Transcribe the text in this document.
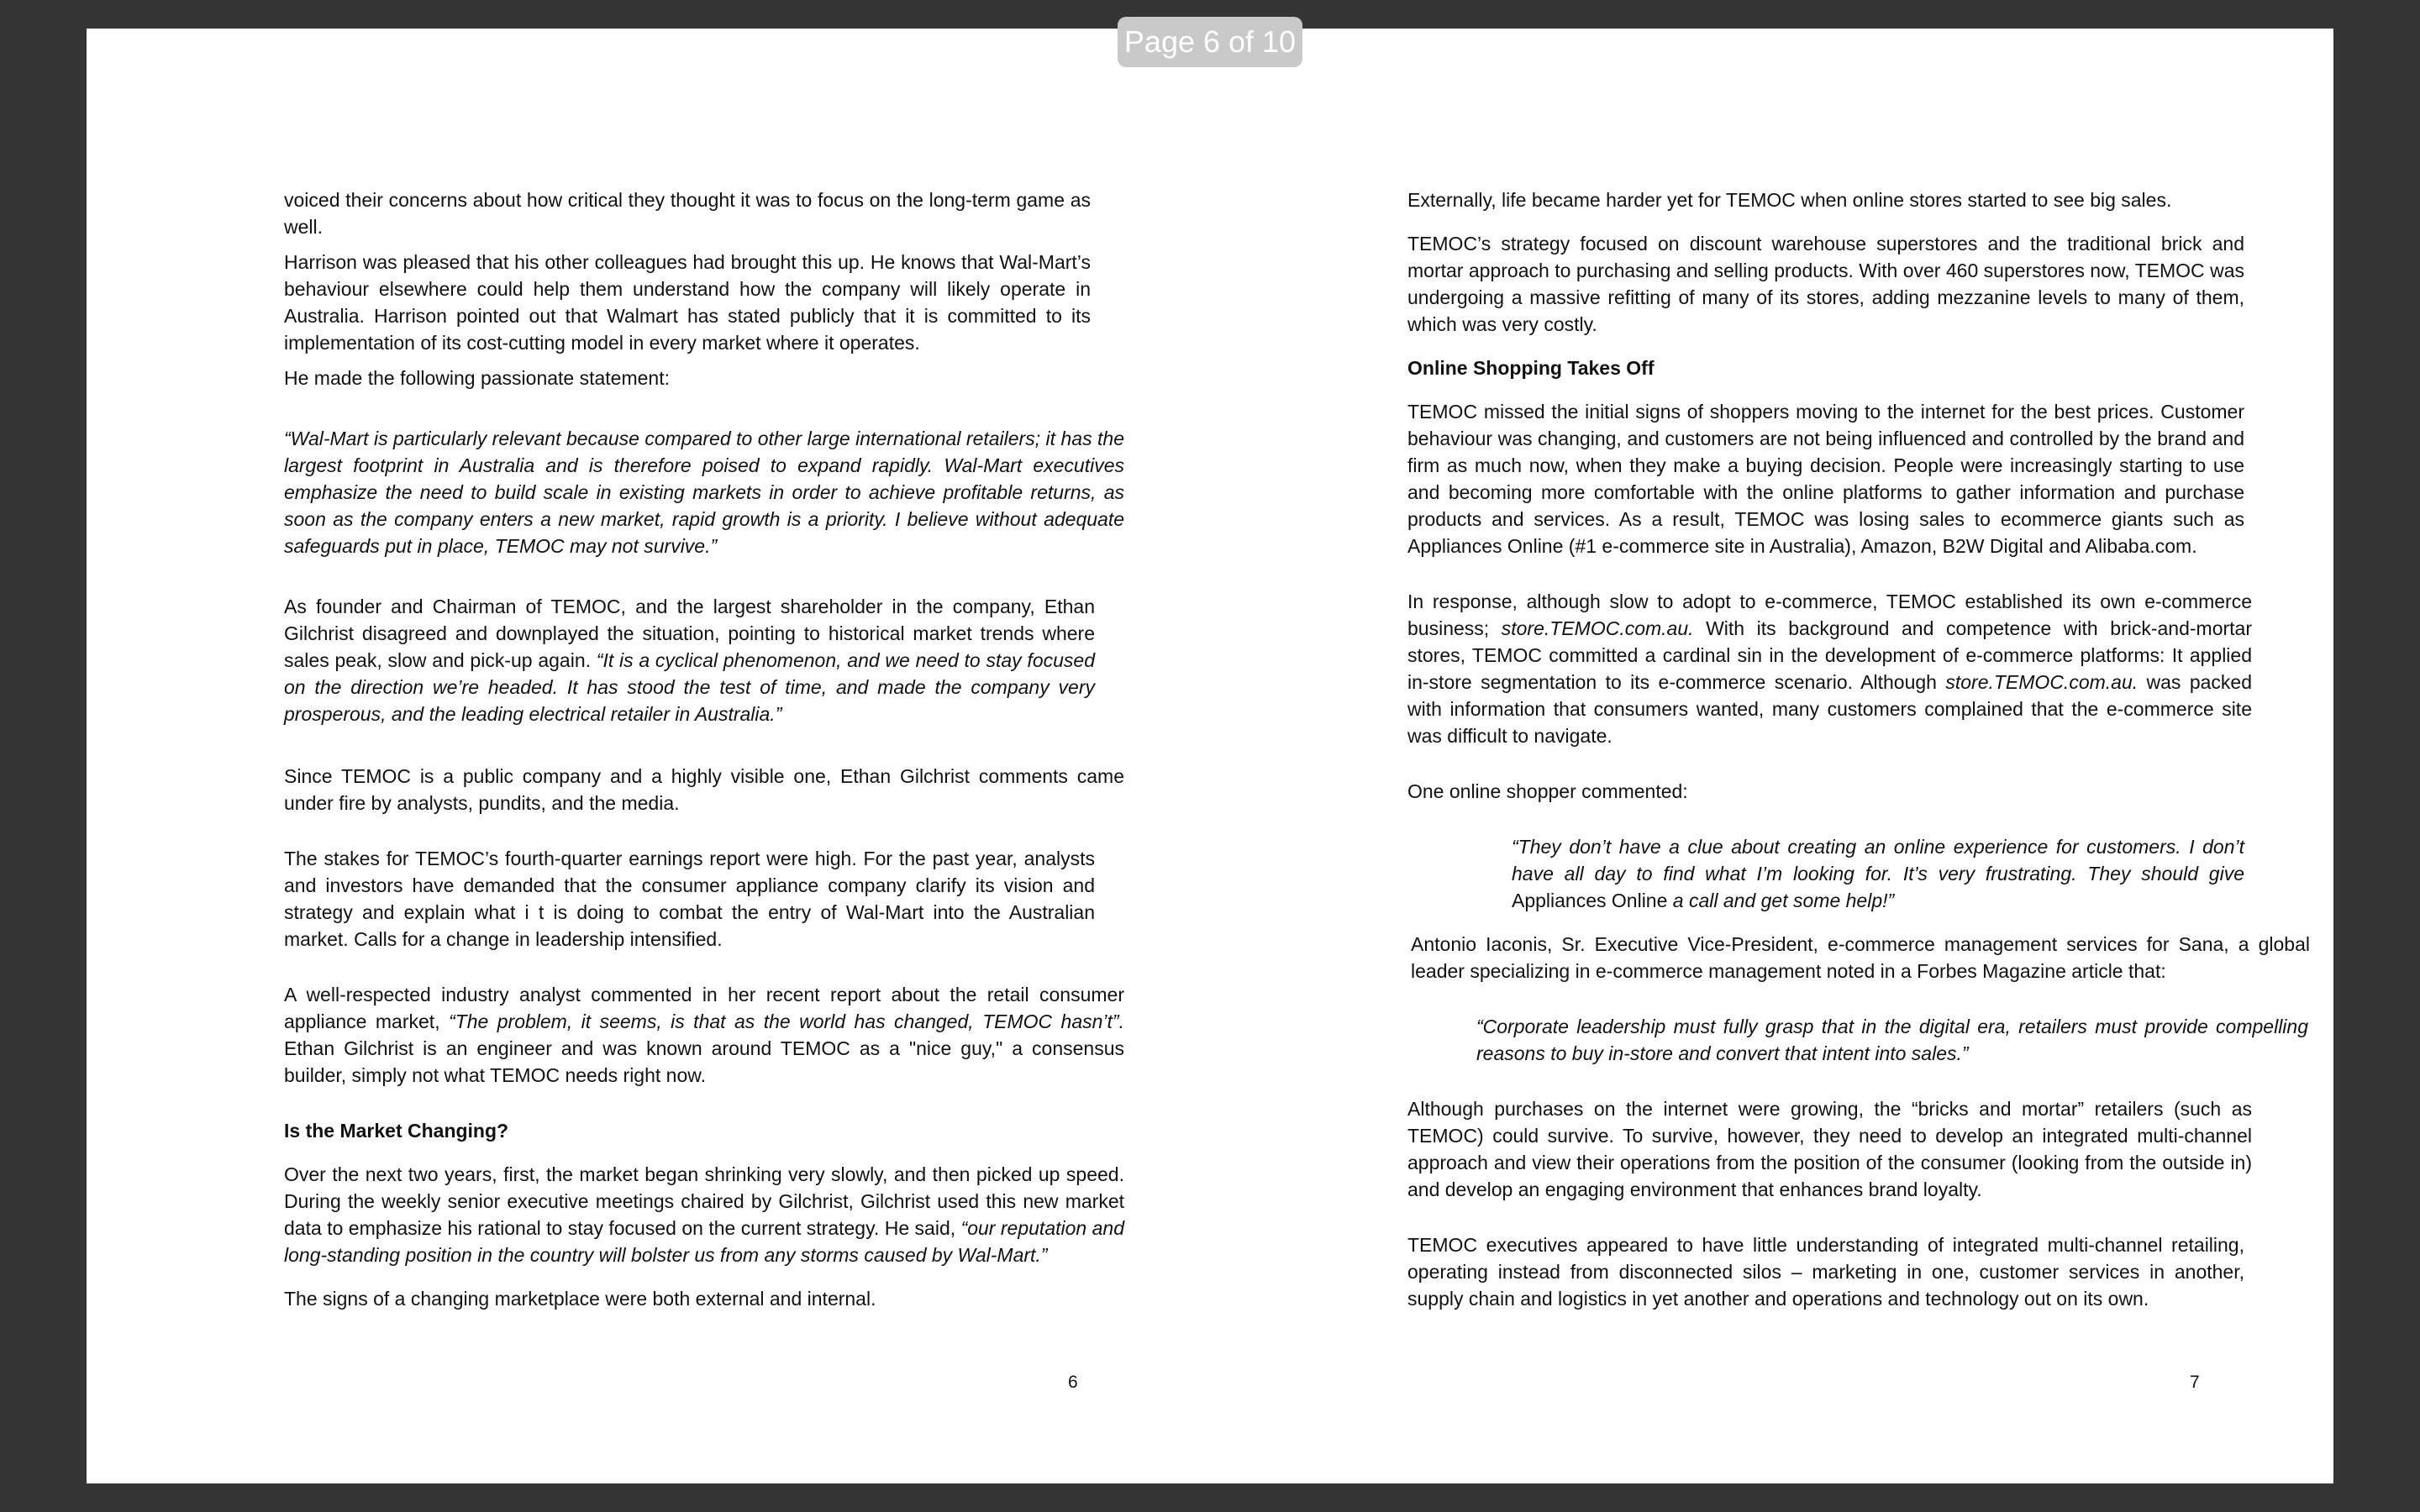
voiced their concerns about how critical they thought it was to focus on the long-term game as well.

Harrison was pleased that his other colleagues had brought this up. He knows that Wal-Mart’s behaviour elsewhere could help them understand how the company will likely operate in Australia. Harrison pointed out that Walmart has stated publicly that it is committed to its implementation of its cost-cutting model in every market where it operates.

He made the following passionate statement:

“Wal-Mart is particularly relevant because compared to other large international retailers; it has the largest footprint in Australia and is therefore poised to expand rapidly. Wal-Mart executives emphasize the need to build scale in existing markets in order to achieve profitable returns, as soon as the company enters a new market, rapid growth is a priority. I believe without adequate safeguards put in place, TEMOC may not survive.”

As founder and Chairman of TEMOC, and the largest shareholder in the company, Ethan Gilchrist disagreed and downplayed the situation, pointing to historical market trends where sales peak, slow and pick-up again. “It is a cyclical phenomenon, and we need to stay focused on the direction we’re headed. It has stood the test of time, and made the company very prosperous, and the leading electrical retailer in Australia.”

Since TEMOC is a public company and a highly visible one, Ethan Gilchrist comments came under fire by analysts, pundits, and the media.

The stakes for TEMOC’s fourth-quarter earnings report were high. For the past year, analysts and investors have demanded that the consumer appliance company clarify its vision and strategy and explain what i t is doing to combat the entry of Wal-Mart into the Australian market. Calls for a change in leadership intensified.

A well-respected industry analyst commented in her recent report about the retail consumer appliance market, “The problem, it seems, is that as the world has changed, TEMOC hasn’t”. Ethan Gilchrist is an engineer and was known around TEMOC as a "nice guy," a consensus builder, simply not what TEMOC needs right now.

Is the Market Changing?

Over the next two years, first, the market began shrinking very slowly, and then picked up speed. During the weekly senior executive meetings chaired by Gilchrist, Gilchrist used this new market data to emphasize his rational to stay focused on the current strategy. He said, “our reputation and long-standing position in the country will bolster us from any storms caused by Wal-Mart.”

The signs of a changing marketplace were both external and internal.

6

Externally, life became harder yet for TEMOC when online stores started to see big sales.

TEMOC’s strategy focused on discount warehouse superstores and the traditional brick and mortar approach to purchasing and selling products. With over 460 superstores now, TEMOC was undergoing a massive refitting of many of its stores, adding mezzanine levels to many of them, which was very costly.

Online Shopping Takes Off

TEMOC missed the initial signs of shoppers moving to the internet for the best prices. Customer behaviour was changing, and customers are not being influenced and controlled by the brand and firm as much now, when they make a buying decision. People were increasingly starting to use and becoming more comfortable with the online platforms to gather information and purchase products and services. As a result, TEMOC was losing sales to ecommerce giants such as Appliances Online (#1 e-commerce site in Australia), Amazon, B2W Digital and Alibaba.com.

In response, although slow to adopt to e-commerce, TEMOC established its own e-commerce business; store.TEMOC.com.au. With its background and competence with brick-and-mortar stores, TEMOC committed a cardinal sin in the development of e-commerce platforms: It applied in-store segmentation to its e-commerce scenario. Although store.TEMOC.com.au. was packed with information that consumers wanted, many customers complained that the e-commerce site was difficult to navigate.

One online shopper commented:

“They don’t have a clue about creating an online experience for customers. I don’t have all day to find what I’m looking for. It’s very frustrating. They should give Appliances Online a call and get some help!”

Antonio Iaconis, Sr. Executive Vice-President, e-commerce management services for Sana, a global leader specializing in e-commerce management noted in a Forbes Magazine article that:

“Corporate leadership must fully grasp that in the digital era, retailers must provide compelling reasons to buy in-store and convert that intent into sales.”

Although purchases on the internet were growing, the “bricks and mortar” retailers (such as TEMOC) could survive. To survive, however, they need to develop an integrated multi-channel approach and view their operations from the position of the consumer (looking from the outside in) and develop an engaging environment that enhances brand loyalty.

TEMOC executives appeared to have little understanding of integrated multi-channel retailing, operating instead from disconnected silos – marketing in one, customer services in another, supply chain and logistics in yet another and operations and technology out on its own.

7
Page 6 of 10
